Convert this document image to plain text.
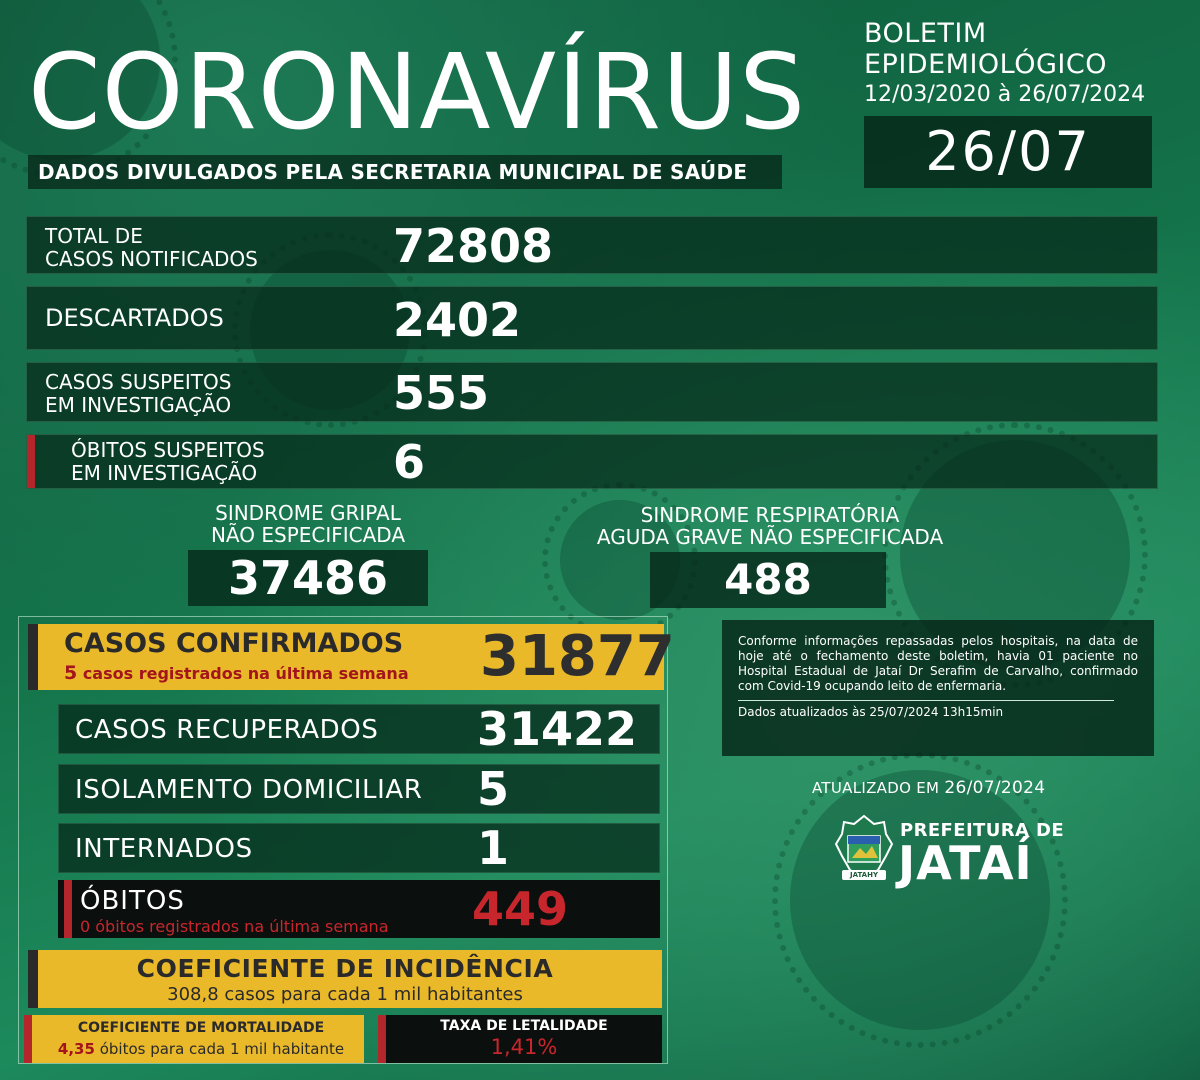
CORONAVÍRUS
DADOS DIVULGADOS PELA SECRETARIA MUNICIPAL DE SAÚDE
BOLETIM
EPIDEMIOLÓGICO
12/03/2020 à 26/07/2024
26/07
TOTAL DE
CASOS NOTIFICADOS	72808
DESCARTADOS	2402
CASOS SUSPEITOS
EM INVESTIGAÇÃO	555
ÓBITOS SUSPEITOS
EM INVESTIGAÇÃO	6
SINDROME GRIPAL
NÃO ESPECIFICADA
37486
SINDROME RESPIRATÓRIA
AGUDA GRAVE NÃO ESPECIFICADA
488
CASOS CONFIRMADOS
5 casos registrados na última semana 31877
CASOS RECUPERADOS 31422
ISOLAMENTO DOMICILIAR 5
INTERNADOS	1
ÓBITOS
0 óbitos registrados na última semana 449
COEFICIENTE DE INCIDÊNCIA
308,8 casos para cada 1 mil habitantes
COEFICIENTE DE MORTALIDADE
4,35 óbitos para cada 1 mil habitante
TAXA DE LETALIDADE
1,41%
Conforme informações repassadas pelos hospitais, na data de hoje até o fechamento deste boletim, havia 01 paciente no Hospital Estadual de Jataí Dr Serafim de Carvalho, confirmado com Covid-19 ocupando leito de enfermaria.
Dados atualizados às 25/07/2024 13h15min
ATUALIZADO EM 26/07/2024
JATAHY
PREFEITURA DE
JATAÍ
